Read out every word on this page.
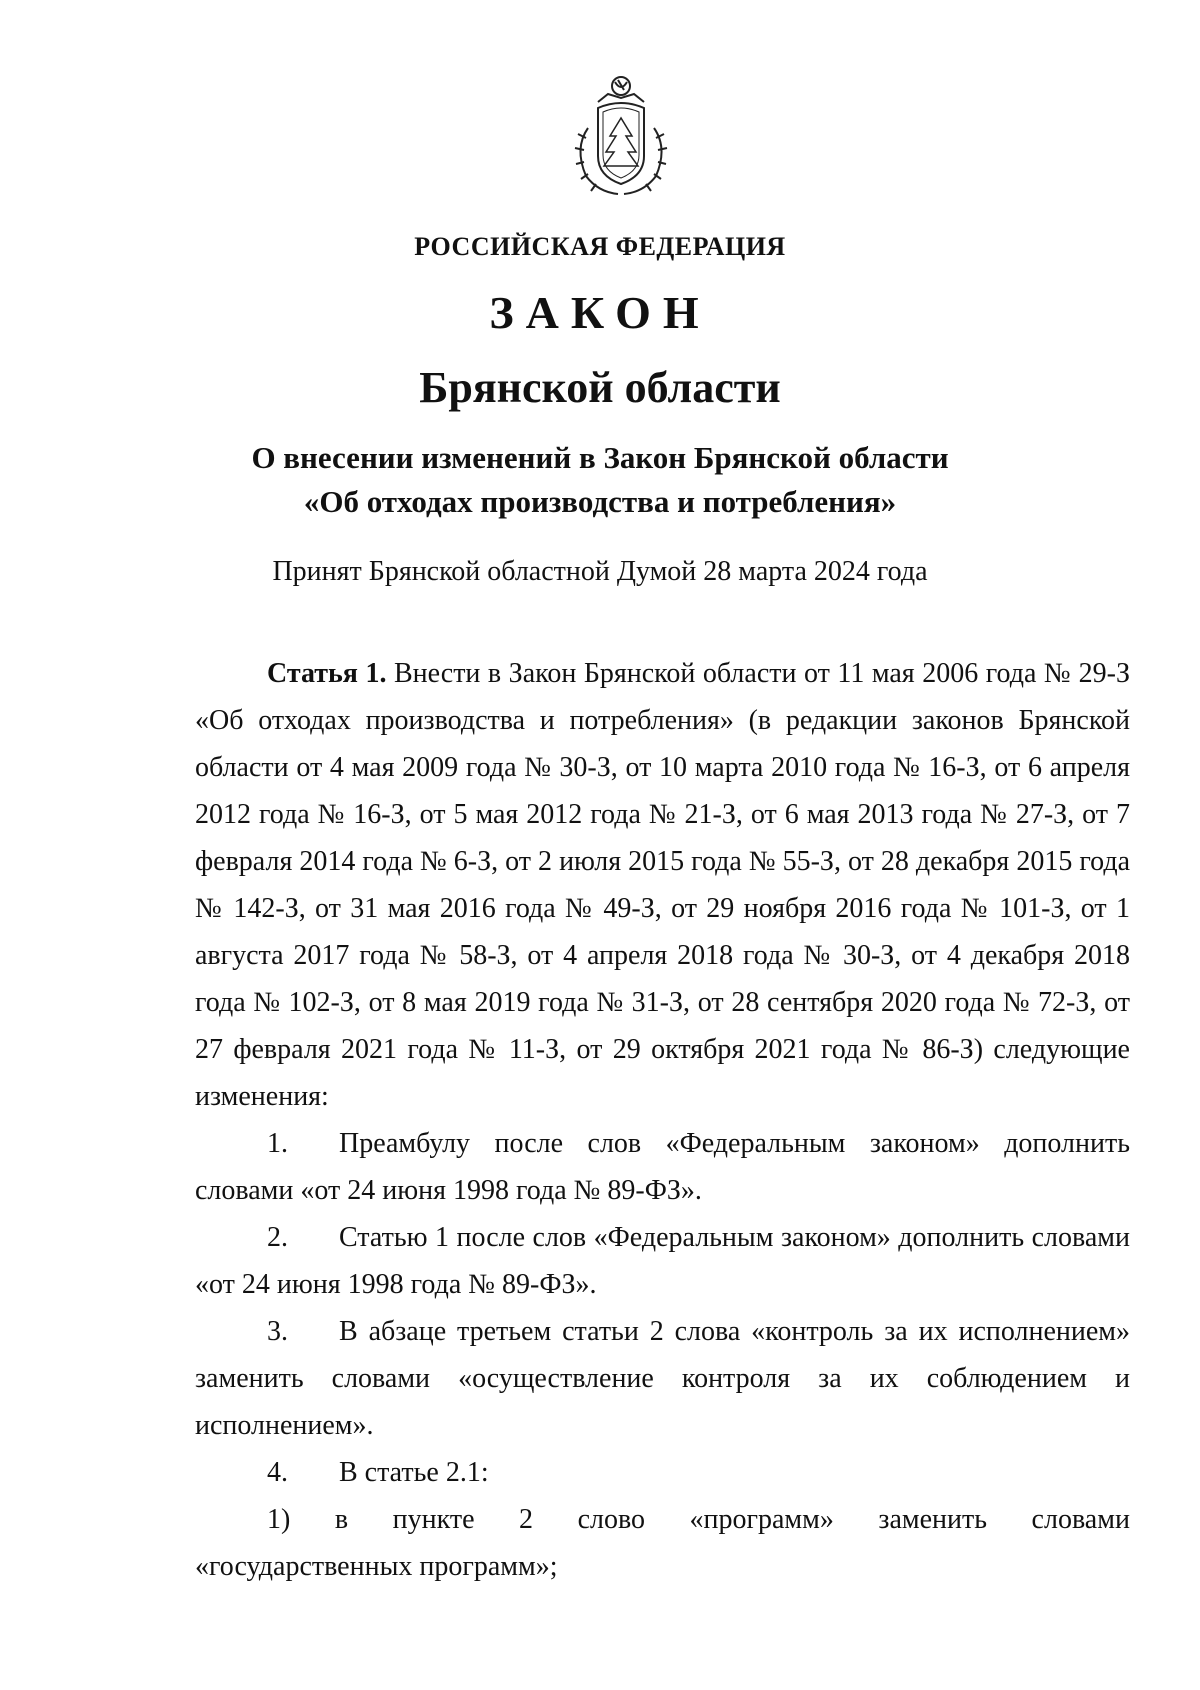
РОССИЙСКАЯ ФЕДЕРАЦИЯ
ЗАКОН
Брянской области
О внесении изменений в Закон Брянской области
«Об отходах производства и потребления»
Принят Брянской областной Думой 28 марта 2024 года

Статья 1. Внести в Закон Брянской области от 11 мая 2006 года № 29-З «Об отходах производства и потребления» (в редакции законов Брянской области от 4 мая 2009 года № 30-З, от 10 марта 2010 года № 16-З, от 6 апреля 2012 года № 16-З, от 5 мая 2012 года № 21-З, от 6 мая 2013 года № 27-З, от 7 февраля 2014 года № 6-З, от 2 июля 2015 года № 55-З, от 28 декабря 2015 года № 142-З, от 31 мая 2016 года № 49-З, от 29 ноября 2016 года № 101-З, от 1 августа 2017 года № 58-З, от 4 апреля 2018 года № 30-З, от 4 декабря 2018 года № 102-З, от 8 мая 2019 года № 31-З, от 28 сентября 2020 года № 72-З, от 27 февраля 2021 года № 11-З, от 29 октября 2021 года № 86-З) следующие изменения:

1. Преамбулу после слов «Федеральным законом» дополнить словами «от 24 июня 1998 года № 89-ФЗ».

2. Статью 1 после слов «Федеральным законом» дополнить словами «от 24 июня 1998 года № 89-ФЗ».

3. В абзаце третьем статьи 2 слова «контроль за их исполнением» заменить словами «осуществление контроля за их соблюдением и исполнением».

4. В статье 2.1:

1) в пункте 2 слово «программ» заменить словами

«государственных программ»;
